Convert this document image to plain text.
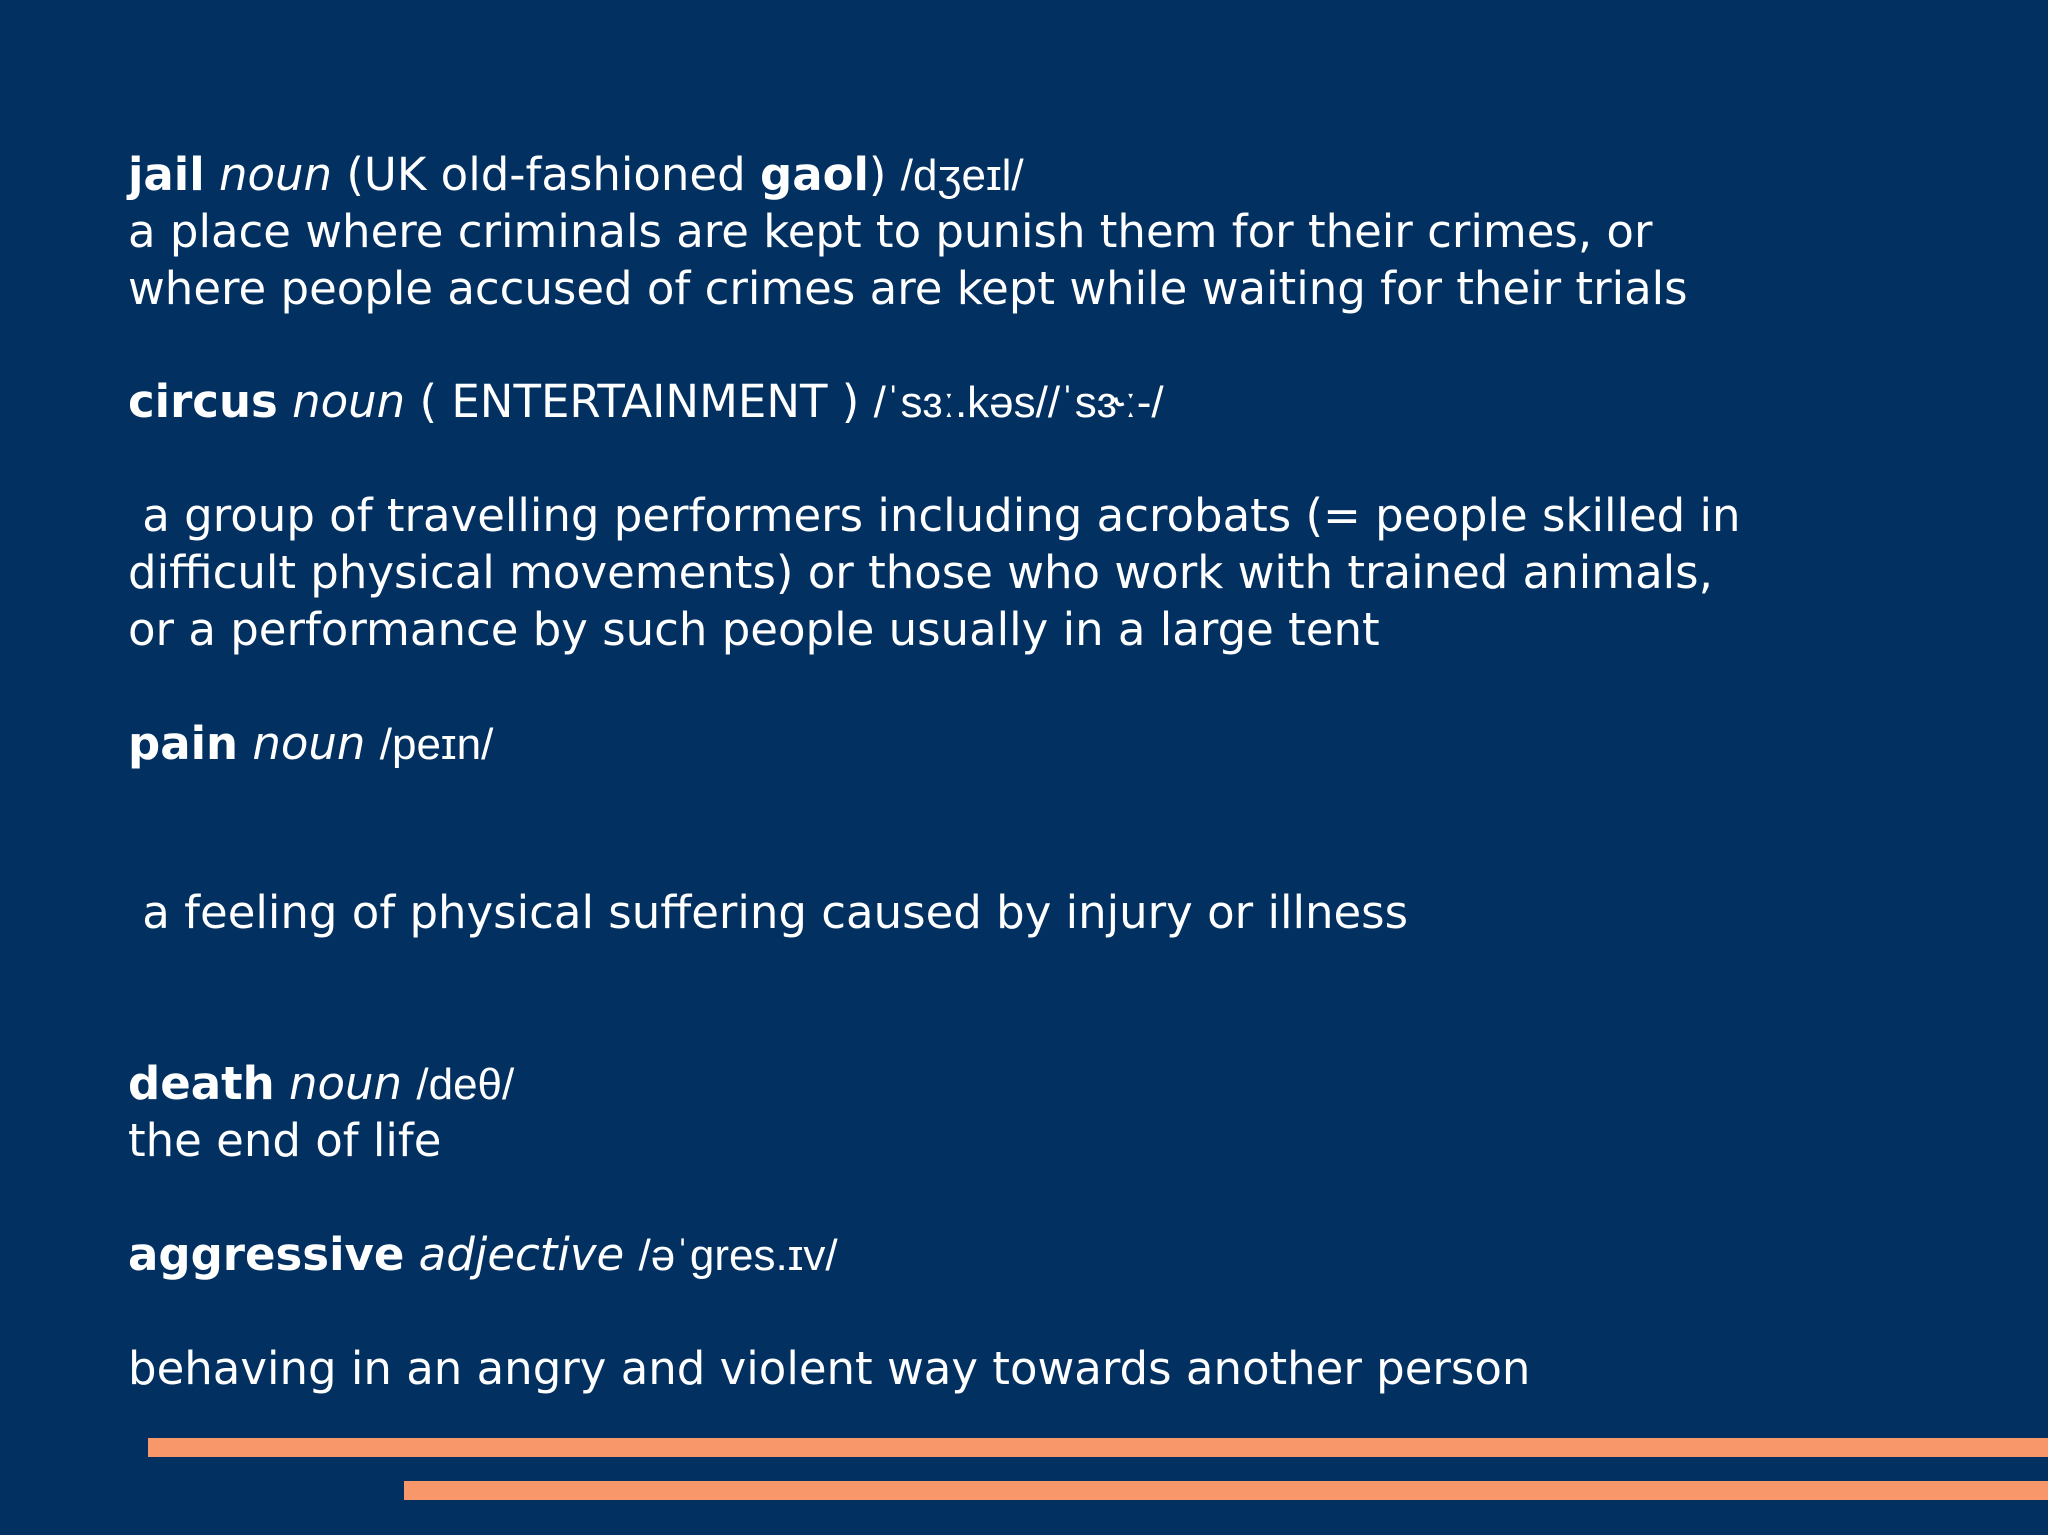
jail noun (UK old-fashioned gaol) /dʒeɪl/
a place where criminals are kept to punish them for their crimes, or
where people accused of crimes are kept while waiting for their trials
circus noun ( ENTERTAINMENT ) /ˈsɜː.kəs//ˈsɝː-/
a group of travelling performers including acrobats (= people skilled in
difficult physical movements) or those who work with trained animals,
or a performance by such people usually in a large tent
pain noun /peɪn/
a feeling of physical suffering caused by injury or illness
death noun /deθ/
the end of life
aggressive adjective /əˈgres.ɪv/
behaving in an angry and violent way towards another person
